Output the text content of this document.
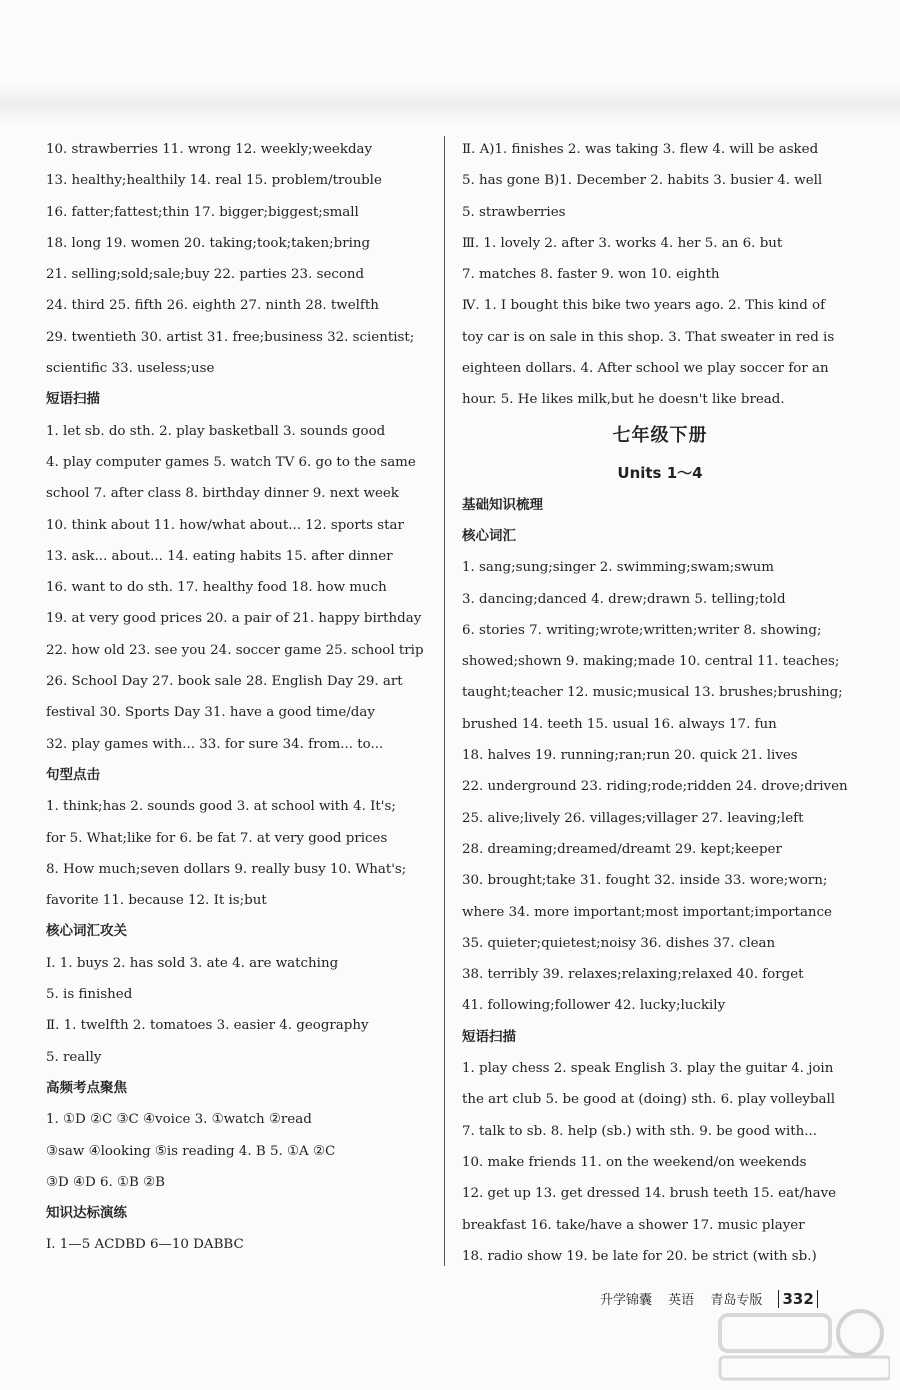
10. strawberries 11. wrong 12. weekly;weekday
13. healthy;healthily 14. real 15. problem/trouble
16. fatter;fattest;thin 17. bigger;biggest;small
18. long 19. women 20. taking;took;taken;bring
21. selling;sold;sale;buy 22. parties 23. second
24. third 25. fifth 26. eighth 27. ninth 28. twelfth
29. twentieth 30. artist 31. free;business 32. scientist;
scientific 33. useless;use
短语扫描
1. let sb. do sth. 2. play basketball 3. sounds good
4. play computer games 5. watch TV 6. go to the same
school 7. after class 8. birthday dinner 9. next week
10. think about 11. how/what about... 12. sports star
13. ask... about... 14. eating habits 15. after dinner
16. want to do sth. 17. healthy food 18. how much
19. at very good prices 20. a pair of 21. happy birthday
22. how old 23. see you 24. soccer game 25. school trip
26. School Day 27. book sale 28. English Day 29. art
festival 30. Sports Day 31. have a good time/day
32. play games with... 33. for sure 34. from... to...
句型点击
1. think;has 2. sounds good 3. at school with 4. It's;
for 5. What;like for 6. be fat 7. at very good prices
8. How much;seven dollars 9. really busy 10. What's;
favorite 11. because 12. It is;but
核心词汇攻关
Ⅰ. 1. buys 2. has sold 3. ate 4. are watching
5. is finished
Ⅱ. 1. twelfth 2. tomatoes 3. easier 4. geography
5. really
高频考点聚焦
1. ①D ②C ③C ④voice 3. ①watch ②read
③saw ④looking ⑤is reading 4. B 5. ①A ②C
③D ④D 6. ①B ②B
知识达标演练
Ⅰ. 1—5 ACDBD 6—10 DABBC
Ⅱ. A)1. finishes 2. was taking 3. flew 4. will be asked
5. has gone B)1. December 2. habits 3. busier 4. well
5. strawberries
Ⅲ. 1. lovely 2. after 3. works 4. her 5. an 6. but
7. matches 8. faster 9. won 10. eighth
Ⅳ. 1. I bought this bike two years ago. 2. This kind of
toy car is on sale in this shop. 3. That sweater in red is
eighteen dollars. 4. After school we play soccer for an
hour. 5. He likes milk,but he doesn't like bread.
七年级下册
Units 1～4
基础知识梳理
核心词汇
1. sang;sung;singer 2. swimming;swam;swum
3. dancing;danced 4. drew;drawn 5. telling;told
6. stories 7. writing;wrote;written;writer 8. showing;
showed;shown 9. making;made 10. central 11. teaches;
taught;teacher 12. music;musical 13. brushes;brushing;
brushed 14. teeth 15. usual 16. always 17. fun
18. halves 19. running;ran;run 20. quick 21. lives
22. underground 23. riding;rode;ridden 24. drove;driven
25. alive;lively 26. villages;villager 27. leaving;left
28. dreaming;dreamed/dreamt 29. kept;keeper
30. brought;take 31. fought 32. inside 33. wore;worn;
where 34. more important;most important;importance
35. quieter;quietest;noisy 36. dishes 37. clean
38. terribly 39. relaxes;relaxing;relaxed 40. forget
41. following;follower 42. lucky;luckily
短语扫描
1. play chess 2. speak English 3. play the guitar 4. join
the art club 5. be good at (doing) sth. 6. play volleyball
7. talk to sb. 8. help (sb.) with sth. 9. be good with...
10. make friends 11. on the weekend/on weekends
12. get up 13. get dressed 14. brush teeth 15. eat/have
breakfast 16. take/have a shower 17. music player
18. radio show 19. be late for 20. be strict (with sb.)
升学锦囊 英语 青岛专版 332
